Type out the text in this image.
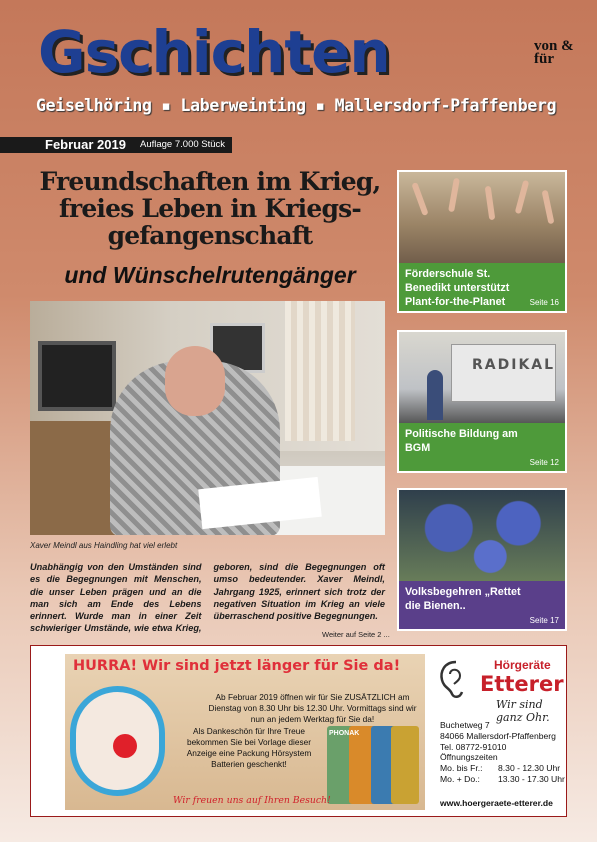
Gschichten	von & für
Geiselhöring ▪ Laberweinting ▪ Mallersdorf-Pfaffenberg
Februar 2019 Auflage 7.000 Stück
Freundschaften im Krieg,
freies Leben in Kriegs-
gefangenschaft
und Wünschelrutengänger
Xaver Meindl aus Haindling hat viel erlebt
Unabhängig von den Umständen sind es die Begegnungen mit Menschen, die unser Leben prägen und an die man sich am Ende des Lebens erinnert. Wurde man in einer Zeit schwieriger Umstände, wie etwa Krieg, geboren, sind die Begegnungen oft umso bedeutender. Xaver Meindl, Jahrgang 1925, erinnert sich trotz der negativen Situation im Krieg an viele überraschend positive Begegnungen.
Weiter auf Seite 2 ...
Förderschule St. Benedikt unterstützt Plant-for-the-Planet	Seite 16
RADIKAL
Politische Bildung am BGM
Seite 12
Volksbegehren „Rettet die Bienen..
Seite 17
HURRA! Wir sind jetzt länger für Sie da!
Ab Februar 2019 öffnen wir für Sie ZUSÄTZLICH am Dienstag von 8.30 Uhr bis 12.30 Uhr. Vormittags sind wir nun an jedem Werktag für Sie da!
Als Dankeschön für Ihre Treue bekommen Sie bei Vorlage dieser Anzeige eine Packung Hörsystem Batterien geschenkt!
PHONAK
Wir freuen uns auf Ihren Besuch!
Hörgeräte
Etterer
Wir sind ganz Ohr.
Buchetweg 7
84066 Mallersdorf-Pfaffenberg
Tel. 08772-91010
Öffnungszeiten
Mo. bis Fr.:	8.30 - 12.30 Uhr
Mo. + Do.:	13.30 - 17.30 Uhr
www.hoergeraete-etterer.de
